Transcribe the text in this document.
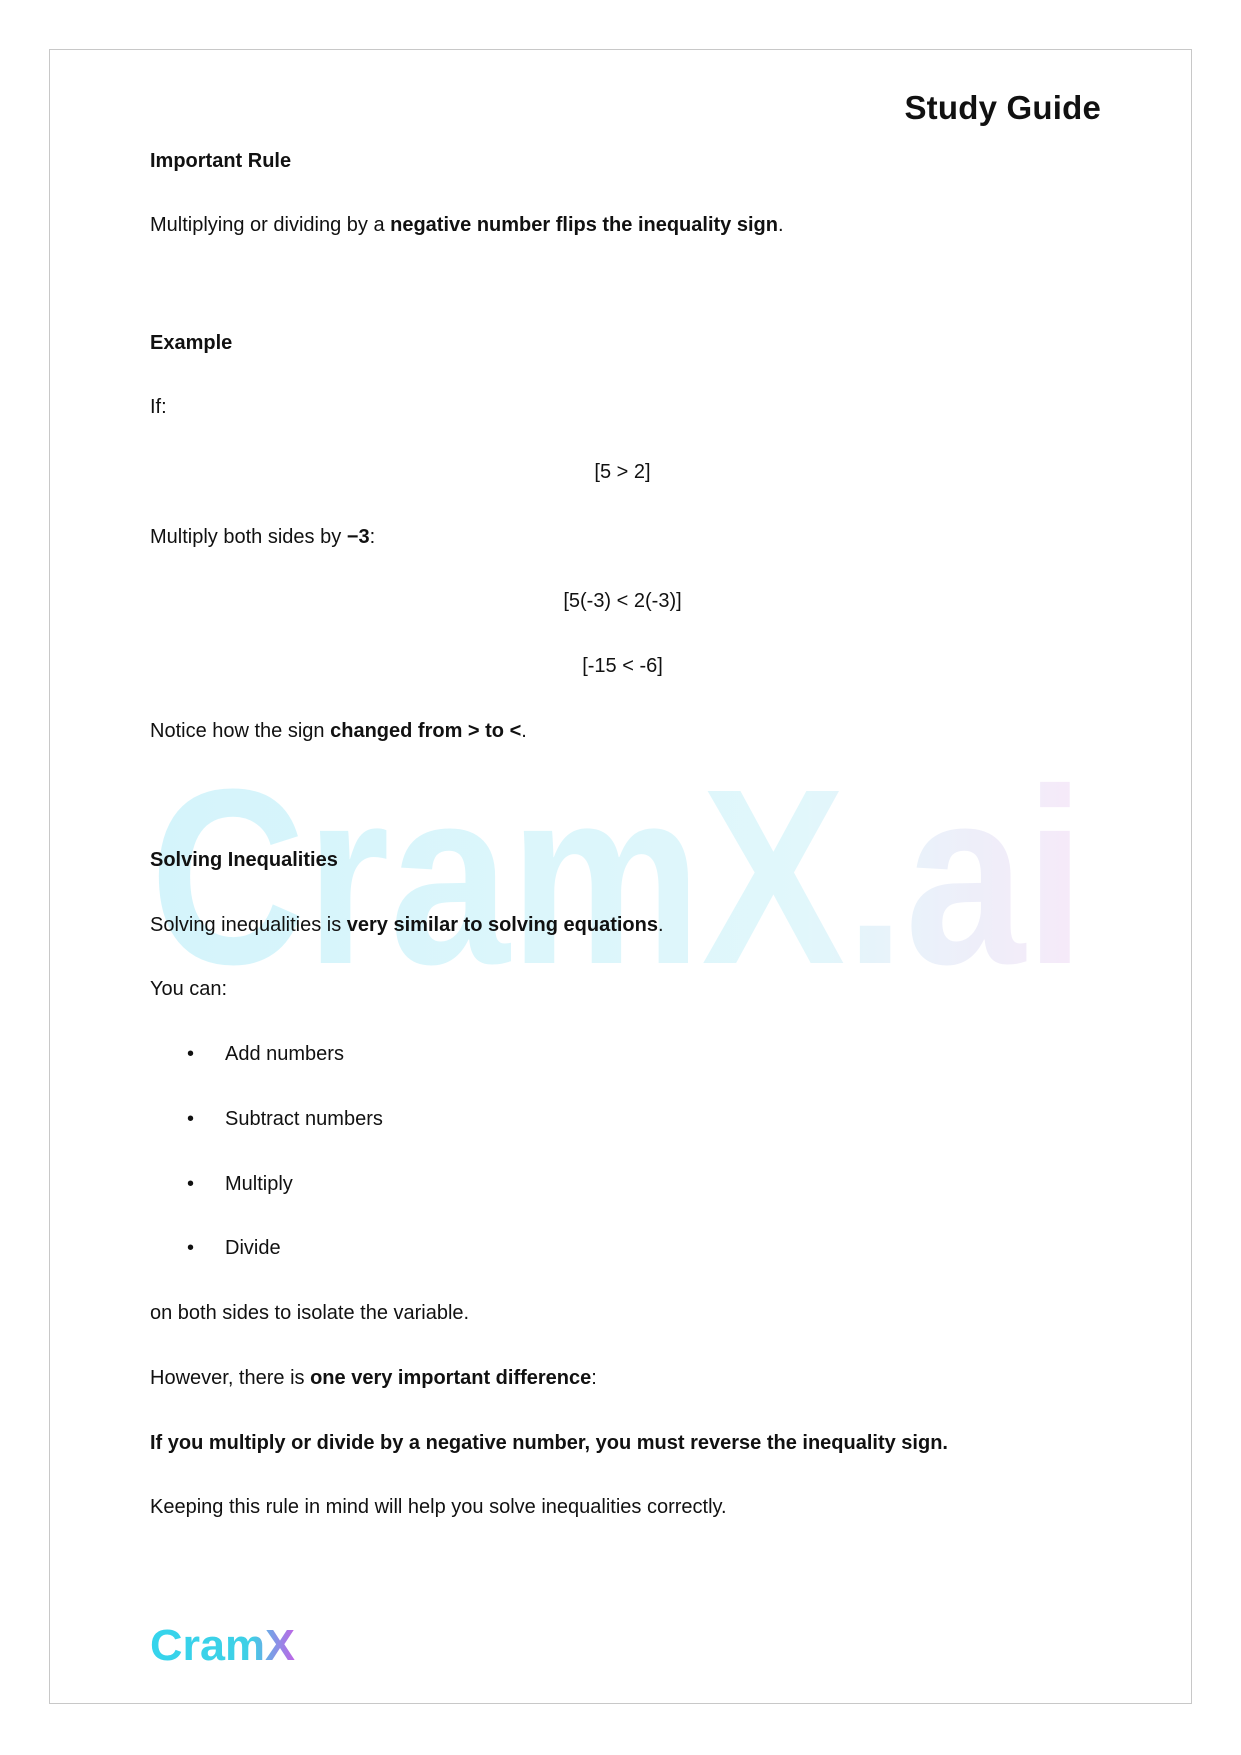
CramX.ai
Study Guide
Important Rule
Multiplying or dividing by a negative number flips the inequality sign.
Example
If:
[5 > 2]
Multiply both sides by −3:
[5(-3) < 2(-3)]
[-15 < -6]
Notice how the sign changed from > to <.
Solving Inequalities
Solving inequalities is very similar to solving equations.
You can:
• Add numbers
• Subtract numbers
• Multiply
• Divide
on both sides to isolate the variable.
However, there is one very important difference:
If you multiply or divide by a negative number, you must reverse the inequality sign.
Keeping this rule in mind will help you solve inequalities correctly.
CramX
